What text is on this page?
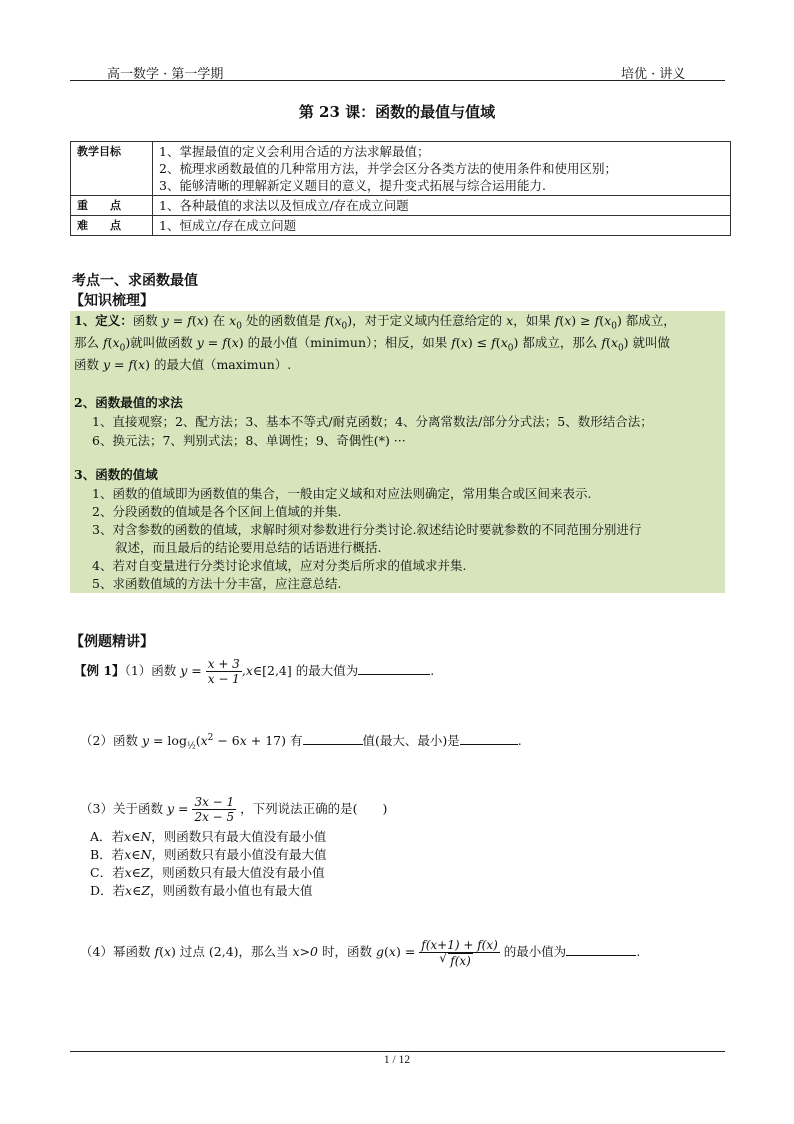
高一数学 · 第一学期	培优 · 讲义
第 23 课：函数的最值与值域
教学目标	1、掌握最值的定义会利用合适的方法求解最值；
2、梳理求函数最值的几种常用方法，并学会区分各类方法的使用条件和使用区别；
3、能够清晰的理解新定义题目的意义，提升变式拓展与综合运用能力.

重　　点	1、各种最值的求法以及恒成立/存在成立问题
难　　点	1、恒成立/存在成立问题
考点一、求函数最值
【知识梳理】
1、定义：函数 y = f(x) 在 $x_0$ 处的函数值是 $f(x_0)$，对于定义域内任意给定的 x，如果 $f(x) \ge f(x_0)$ 都成立，
那么 $f(x_0)$就叫做函数 y = f(x) 的最小值（minimun）；相反，如果 $f(x) \le f(x_0)$ 都成立，那么 $f(x_0)$ 就叫做
函数 y = f(x) 的最大值（maximun）.
2、函数最值的求法
1、直接观察；2、配方法；3、基本不等式/耐克函数；4、分离常数法/部分分式法；5、数形结合法；
6、换元法；7、判别式法；8、单调性；9、奇偶性(*) ···
3、函数的值域
1、函数的值域即为函数值的集合，一般由定义域和对应法则确定，常用集合或区间来表示.
2、分段函数的值域是各个区间上值域的并集.
3、对含参数的函数的值域，求解时须对参数进行分类讨论.叙述结论时要就参数的不同范围分别进行
叙述，而且最后的结论要用总结的话语进行概括.
4、若对自变量进行分类讨论求值域，应对分类后所求的值域求并集.
5、求函数值域的方法十分丰富，应注意总结.
【例题精讲】
【例 1】（1）函数 $y = \frac{x + 3}{x - 1}$ ,x∈[2,4] 的最大值为	.
（2）函数 $y = \log_{\frac{1}{2}}(x^2 - 6x + 17)$ 有	值(最大、最小)是	.
（3）关于函数 $y = \frac{3x - 1}{2x - 5}$ ，下列说法正确的是(　　)
A．若x∈N，则函数只有最大值没有最小值
B．若x∈N，则函数只有最小值没有最大值
C．若x∈Z，则函数只有最大值没有最小值
D．若x∈Z，则函数有最小值也有最大值
（4）幂函数 f(x) 过点 (2,4)，那么当 x>0 时，函数 g(x) = f(x+1) + f(x)
√ f(x) 的最小值为	.
1 / 12
